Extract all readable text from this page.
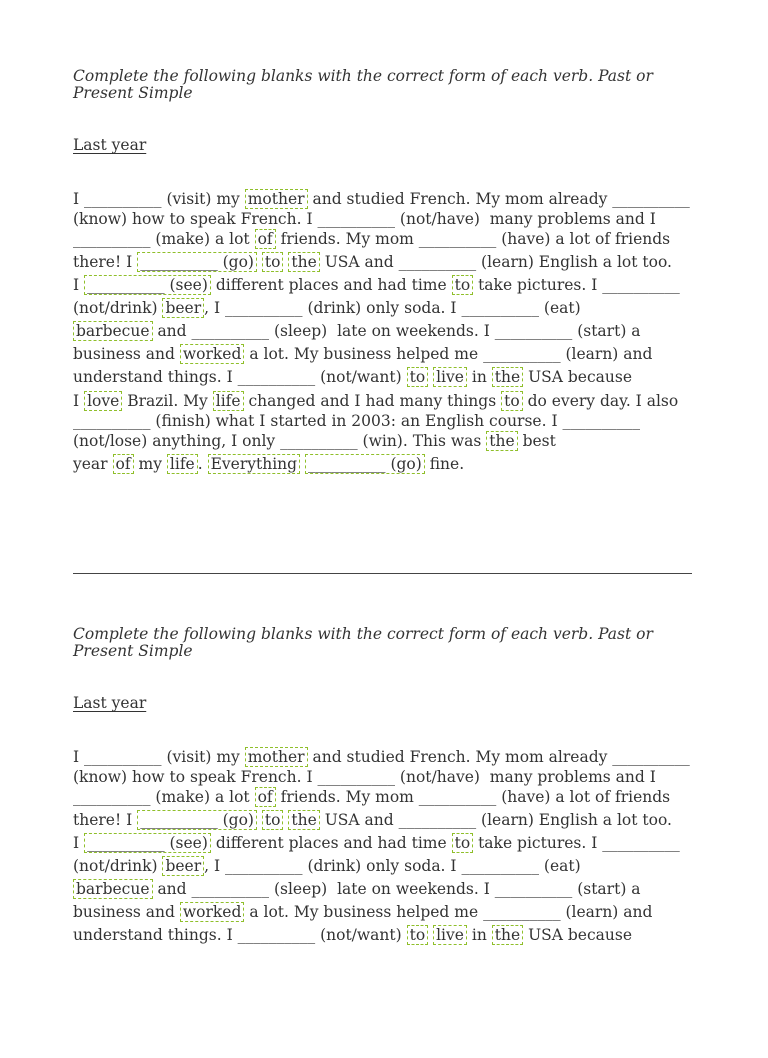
Complete the following blanks with the correct form of each verb. Past or
Present Simple
Last year
I __________ (visit) my mother and studied French. My mom already __________
(know) how to speak French. I __________ (not/have)  many problems and I
__________ (make) a lot of friends. My mom __________ (have) a lot of friends
there! I __________ (go) to the USA and __________ (learn) English a lot too.
I __________ (see) different places and had time to take pictures. I __________
(not/drink) beer , I __________ (drink) only soda. I __________ (eat)
barbecue and __________ (sleep)  late on weekends. I __________ (start) a
business and worked a lot. My business helped me __________ (learn) and
understand things. I __________ (not/want) to live in the USA because
I love Brazil. My life changed and I had many things to do every day. I also
__________ (finish) what I started in 2003: an English course. I __________
(not/lose) anything, I only __________ (win). This was the best
year of my life . Everything __________ (go) fine.
Complete the following blanks with the correct form of each verb. Past or
Present Simple
Last year
I __________ (visit) my mother and studied French. My mom already __________
(know) how to speak French. I __________ (not/have)  many problems and I
__________ (make) a lot of friends. My mom __________ (have) a lot of friends
there! I __________ (go) to the USA and __________ (learn) English a lot too.
I __________ (see) different places and had time to take pictures. I __________
(not/drink) beer , I __________ (drink) only soda. I __________ (eat)
barbecue and __________ (sleep)  late on weekends. I __________ (start) a
business and worked a lot. My business helped me __________ (learn) and
understand things. I __________ (not/want) to live in the USA because
